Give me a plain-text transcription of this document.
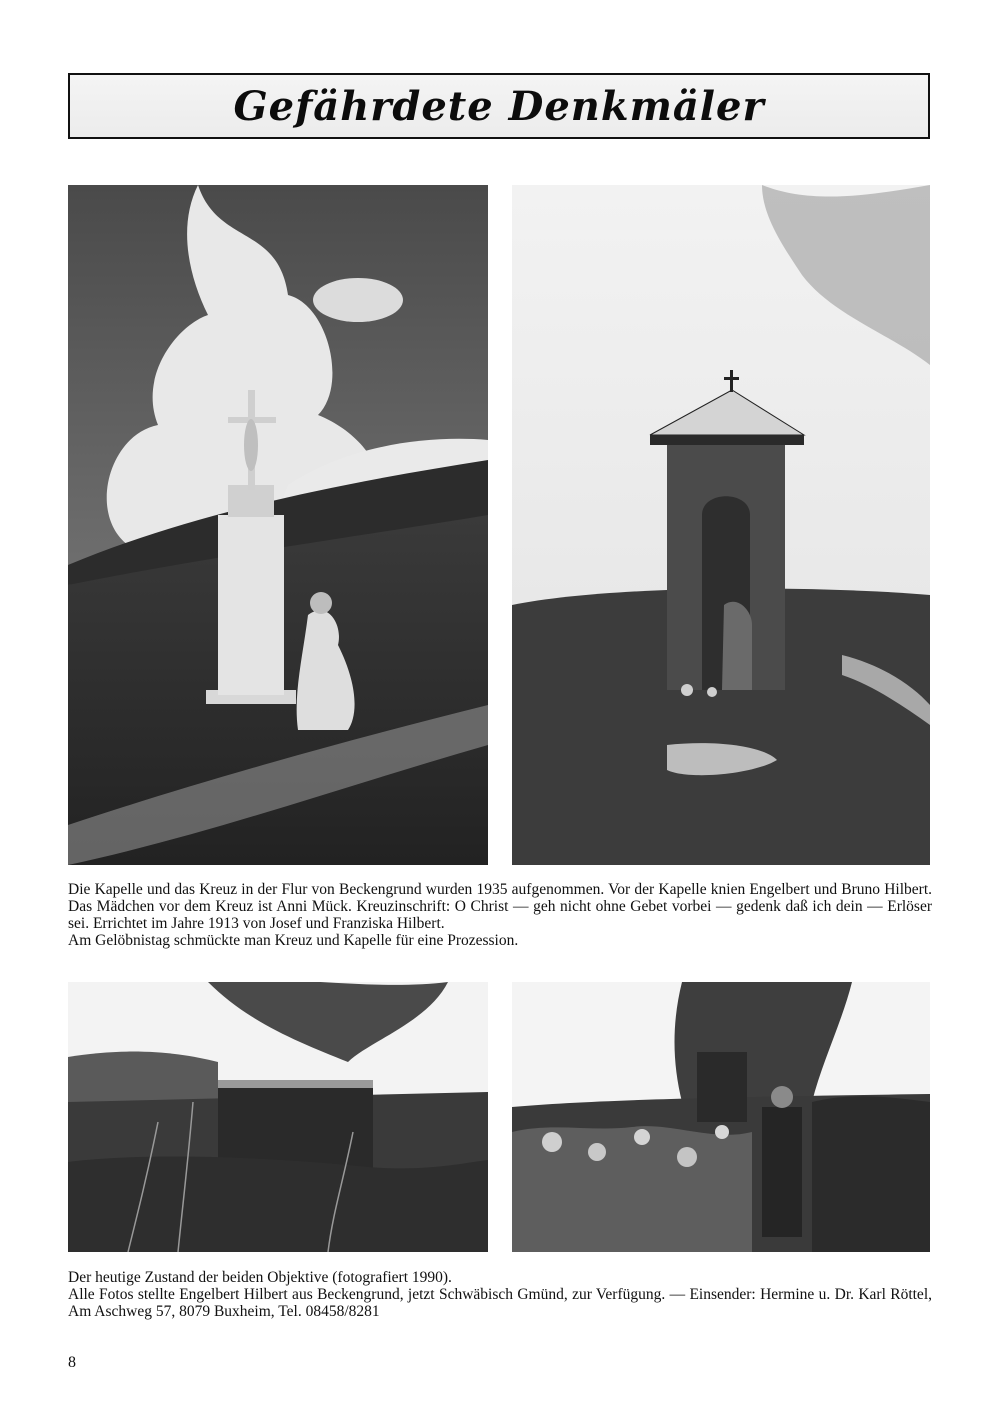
Gefährdete Denkmäler

Die Kapelle und das Kreuz in der Flur von Beckengrund wurden 1935 aufgenommen. Vor der Kapelle knien Engelbert und Bruno Hilbert. Das Mädchen vor dem Kreuz ist Anni Mück. Kreuzinschrift: O Christ — geh nicht ohne Gebet vorbei — gedenk daß ich dein — Erlöser sei. Errichtet im Jahre 1913 von Josef und Franziska Hilbert.

Am Gelöbnistag schmückte man Kreuz und Kapelle für eine Prozession.

Der heutige Zustand der beiden Objektive (fotografiert 1990).

Alle Fotos stellte Engelbert Hilbert aus Beckengrund, jetzt Schwäbisch Gmünd, zur Verfügung. — Einsender: Hermine u. Dr. Karl Röttel, Am Aschweg 57, 8079 Buxheim, Tel. 08458/8281

8
